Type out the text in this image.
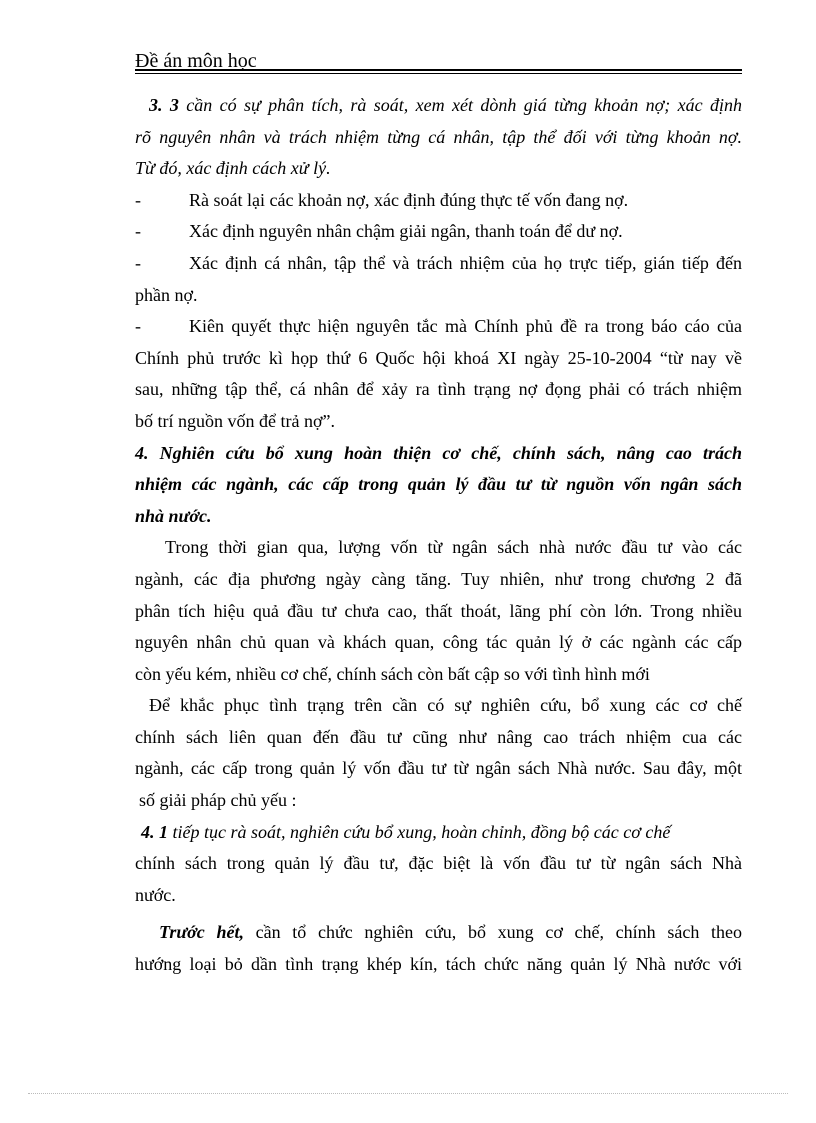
Đề án môn học
3. 3 cần có sự phân tích, rà soát, xem xét dònh giá từng khoản nợ; xác định
rõ nguyên nhân và trách nhiệm từng cá nhân, tập thể đối với từng khoản nợ.
Từ đó, xác định cách xử lý.
-	Rà soát lại các khoản nợ, xác định đúng thực tế vốn đang nợ.
-	Xác định nguyên nhân chậm giải ngân, thanh toán để dư nợ.
-	Xác định cá nhân, tập thể và trách nhiệm của họ trực tiếp, gián tiếp đến
phần nợ.
-	Kiên quyết thực hiện nguyên tắc mà Chính phủ đề ra trong báo cáo của
Chính phủ trước kì họp thứ 6 Quốc hội khoá XI ngày 25-10-2004 “từ nay về
sau, những tập thể, cá nhân để xảy ra tình trạng nợ đọng phải có trách nhiệm
bố trí nguồn vốn để trả nợ”.
4. Nghiên cứu bổ xung hoàn thiện cơ chế, chính sách, nâng cao trách
nhiệm các ngành, các cấp trong quản lý đầu tư từ nguồn vốn ngân sách
nhà nước.
Trong thời gian qua, lượng vốn từ ngân sách nhà nước đầu tư vào các
ngành, các địa phương ngày càng tăng. Tuy nhiên, như trong chương 2 đã
phân tích hiệu quả đầu tư chưa cao, thất thoát, lãng phí còn lớn. Trong nhiều
nguyên nhân chủ quan và khách quan, công tác quản lý ở các ngành các cấp
còn yếu kém, nhiều cơ chế, chính sách còn bất cập so với tình hình mới
Để khắc phục tình trạng trên cần có sự nghiên cứu, bổ xung các cơ chế
chính sách liên quan đến đầu tư cũng như nâng cao trách nhiệm cua các
ngành, các cấp trong quản lý vốn đầu tư từ ngân sách Nhà nước. Sau đây, một
số giải pháp chủ yếu :
4. 1 tiếp tục rà soát, nghiên cứu bổ xung, hoàn chỉnh, đồng bộ các cơ chế
chính sách trong quản lý đầu tư, đặc biệt là vốn đầu tư từ ngân sách Nhà
nước.
Trước hết, cần tổ chức nghiên cứu, bổ xung cơ chế, chính sách theo
hướng loại bỏ dần tình trạng khép kín, tách chức năng quản lý Nhà nước với
